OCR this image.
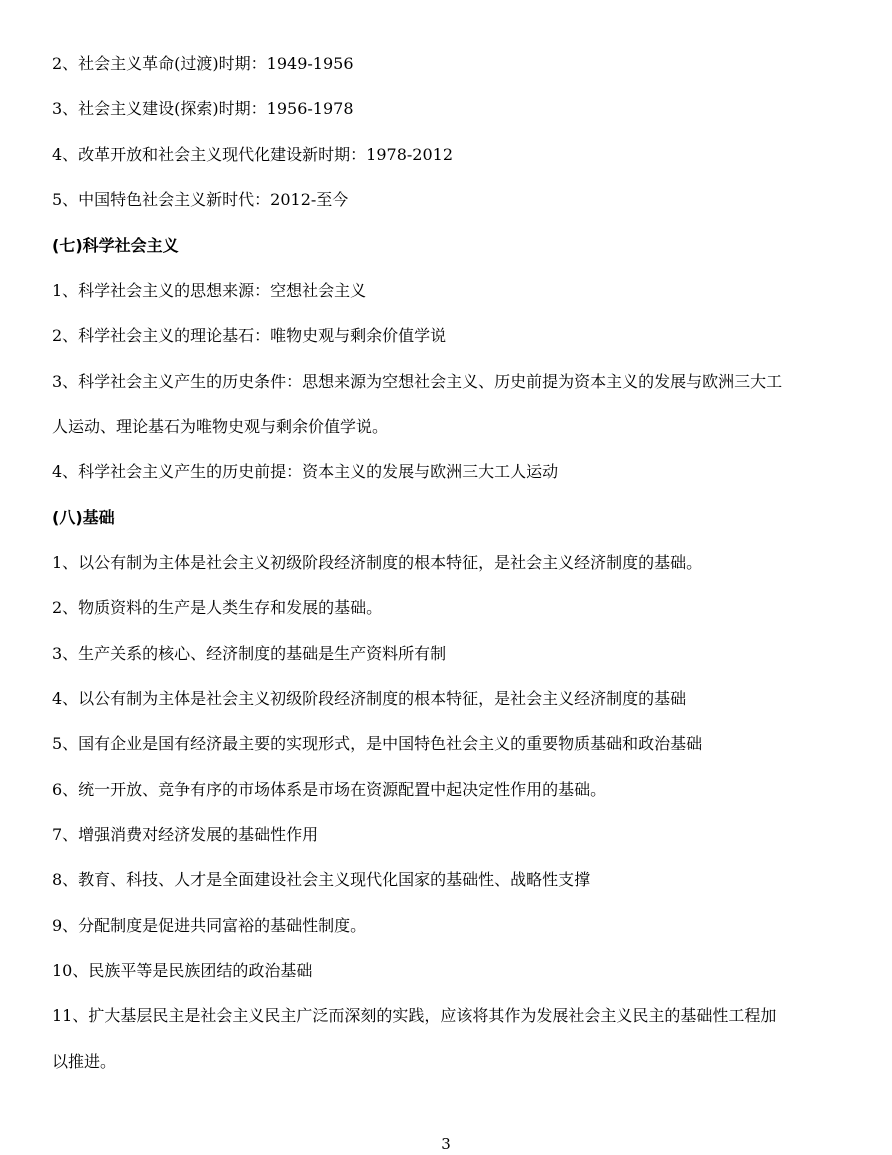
2、社会主义革命(过渡)时期：1949-1956
3、社会主义建设(探索)时期：1956-1978
4、改革开放和社会主义现代化建设新时期：1978-2012
5、中国特色社会主义新时代：2012-至今
(七)科学社会主义
1、科学社会主义的思想来源：空想社会主义
2、科学社会主义的理论基石：唯物史观与剩余价值学说
3、科学社会主义产生的历史条件：思想来源为空想社会主义、历史前提为资本主义的发展与欧洲三大工
人运动、理论基石为唯物史观与剩余价值学说。
4、科学社会主义产生的历史前提：资本主义的发展与欧洲三大工人运动
(八)基础
1、以公有制为主体是社会主义初级阶段经济制度的根本特征，是社会主义经济制度的基础。
2、物质资料的生产是人类生存和发展的基础。
3、生产关系的核心、经济制度的基础是生产资料所有制
4、以公有制为主体是社会主义初级阶段经济制度的根本特征，是社会主义经济制度的基础
5、国有企业是国有经济最主要的实现形式，是中国特色社会主义的重要物质基础和政治基础
6、统一开放、竞争有序的市场体系是市场在资源配置中起决定性作用的基础。
7、增强消费对经济发展的基础性作用
8、教育、科技、人才是全面建设社会主义现代化国家的基础性、战略性支撑
9、分配制度是促进共同富裕的基础性制度。
10、民族平等是民族团结的政治基础
11、扩大基层民主是社会主义民主广泛而深刻的实践，应该将其作为发展社会主义民主的基础性工程加
以推进。
3
